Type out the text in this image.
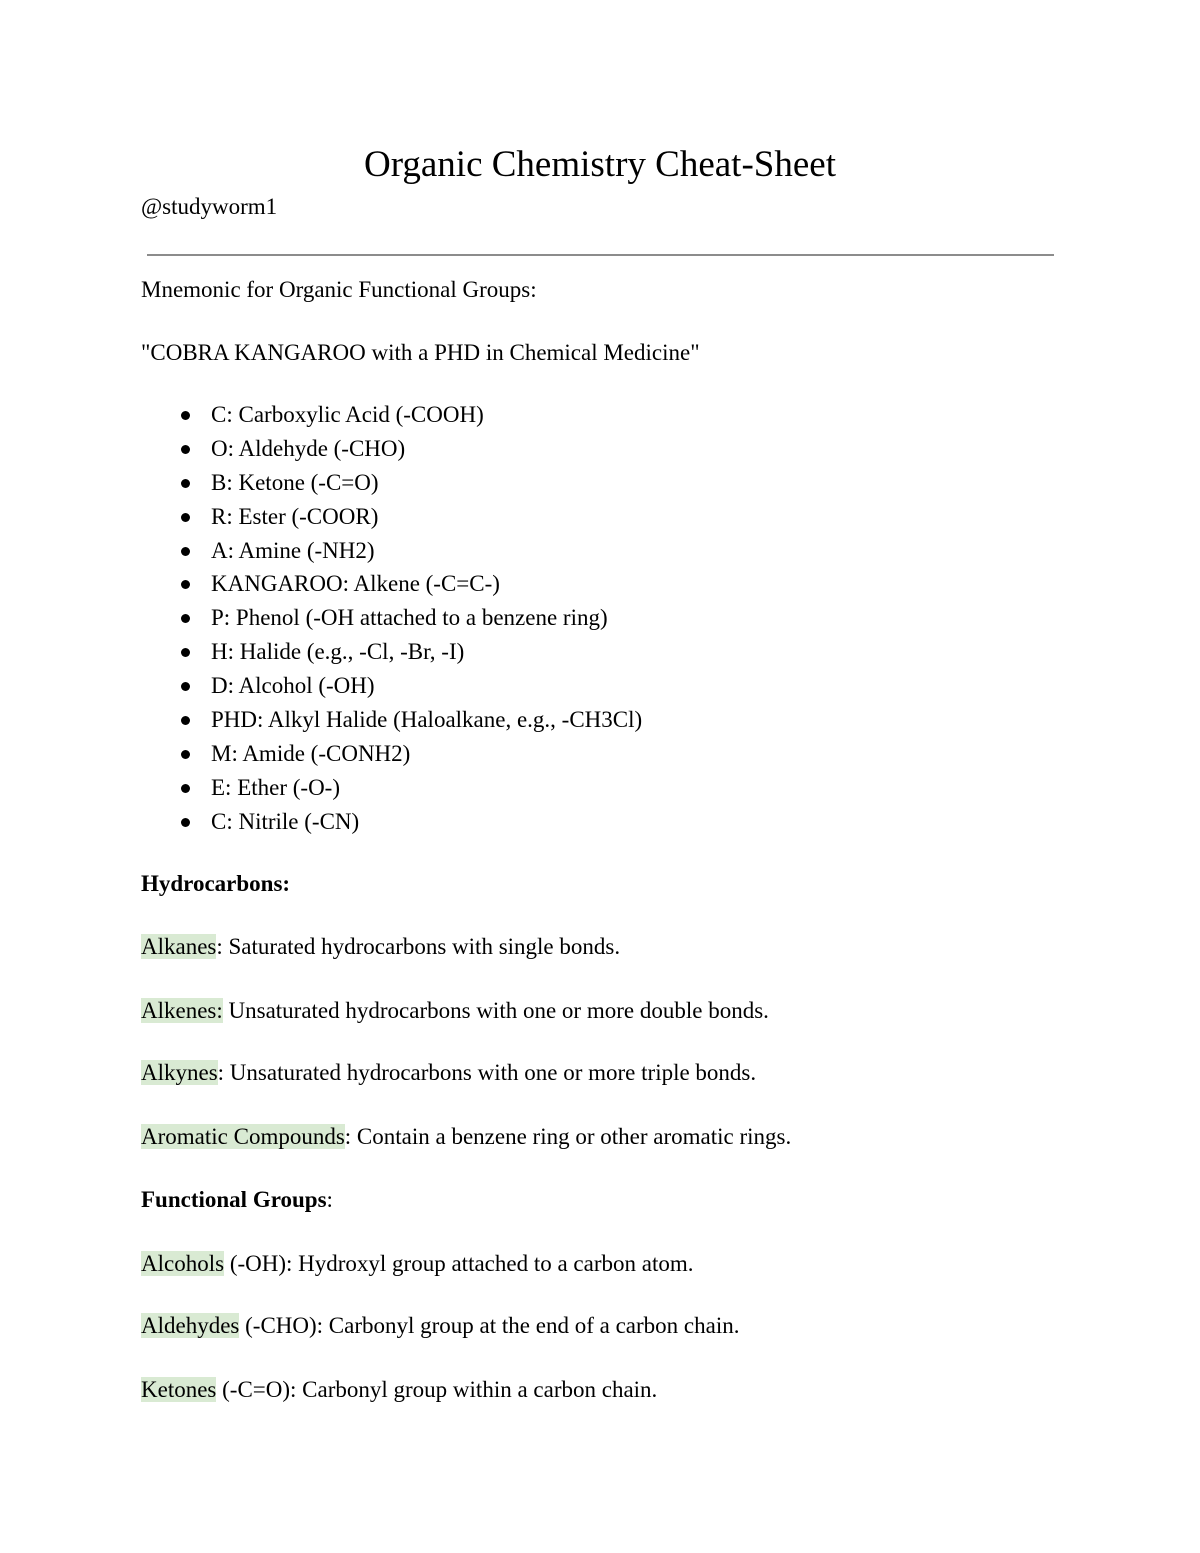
Organic Chemistry Cheat-Sheet
@studyworm1
Mnemonic for Organic Functional Groups:
"COBRA KANGAROO with a PHD in Chemical Medicine"
C: Carboxylic Acid (-COOH)
O: Aldehyde (-CHO)
B: Ketone (-C=O)
R: Ester (-COOR)
A: Amine (-NH2)
KANGAROO: Alkene (-C=C-)
P: Phenol (-OH attached to a benzene ring)
H: Halide (e.g., -Cl, -Br, -I)
D: Alcohol (-OH)
PHD: Alkyl Halide (Haloalkane, e.g., -CH3Cl)
M: Amide (-CONH2)
E: Ether (-O-)
C: Nitrile (-CN)
Hydrocarbons:
Alkanes: Saturated hydrocarbons with single bonds.
Alkenes: Unsaturated hydrocarbons with one or more double bonds.
Alkynes: Unsaturated hydrocarbons with one or more triple bonds.
Aromatic Compounds: Contain a benzene ring or other aromatic rings.
Functional Groups:
Alcohols (-OH): Hydroxyl group attached to a carbon atom.
Aldehydes (-CHO): Carbonyl group at the end of a carbon chain.
Ketones (-C=O): Carbonyl group within a carbon chain.
